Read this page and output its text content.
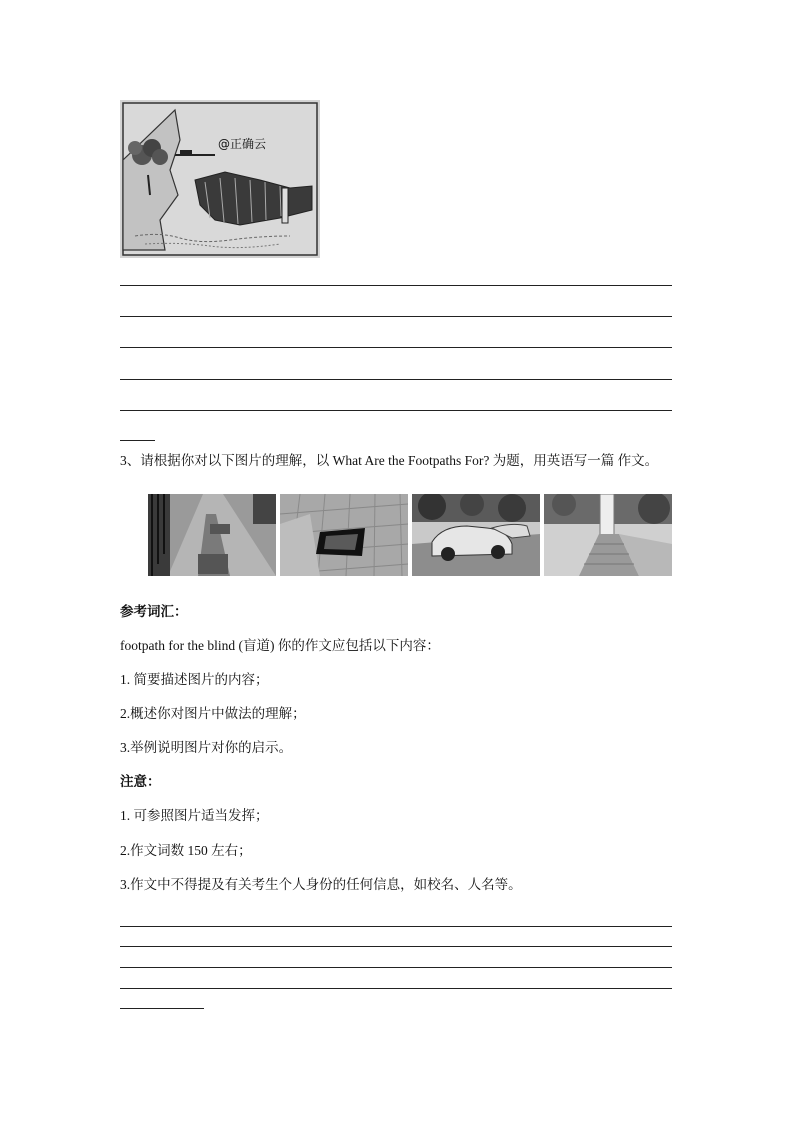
@正确云
3、请根据你对以下图片的理解，以 What Are the Footpaths For? 为题，用英语写一篇 作文。
参考词汇：
footpath for the blind (盲道) 你的作文应包括以下内容：
1. 简要描述图片的内容；
2.概述你对图片中做法的理解；
3.举例说明图片对你的启示。
注意：
1. 可参照图片适当发挥；
2.作文词数 150 左右；
3.作文中不得提及有关考生个人身份的任何信息，如校名、人名等。
